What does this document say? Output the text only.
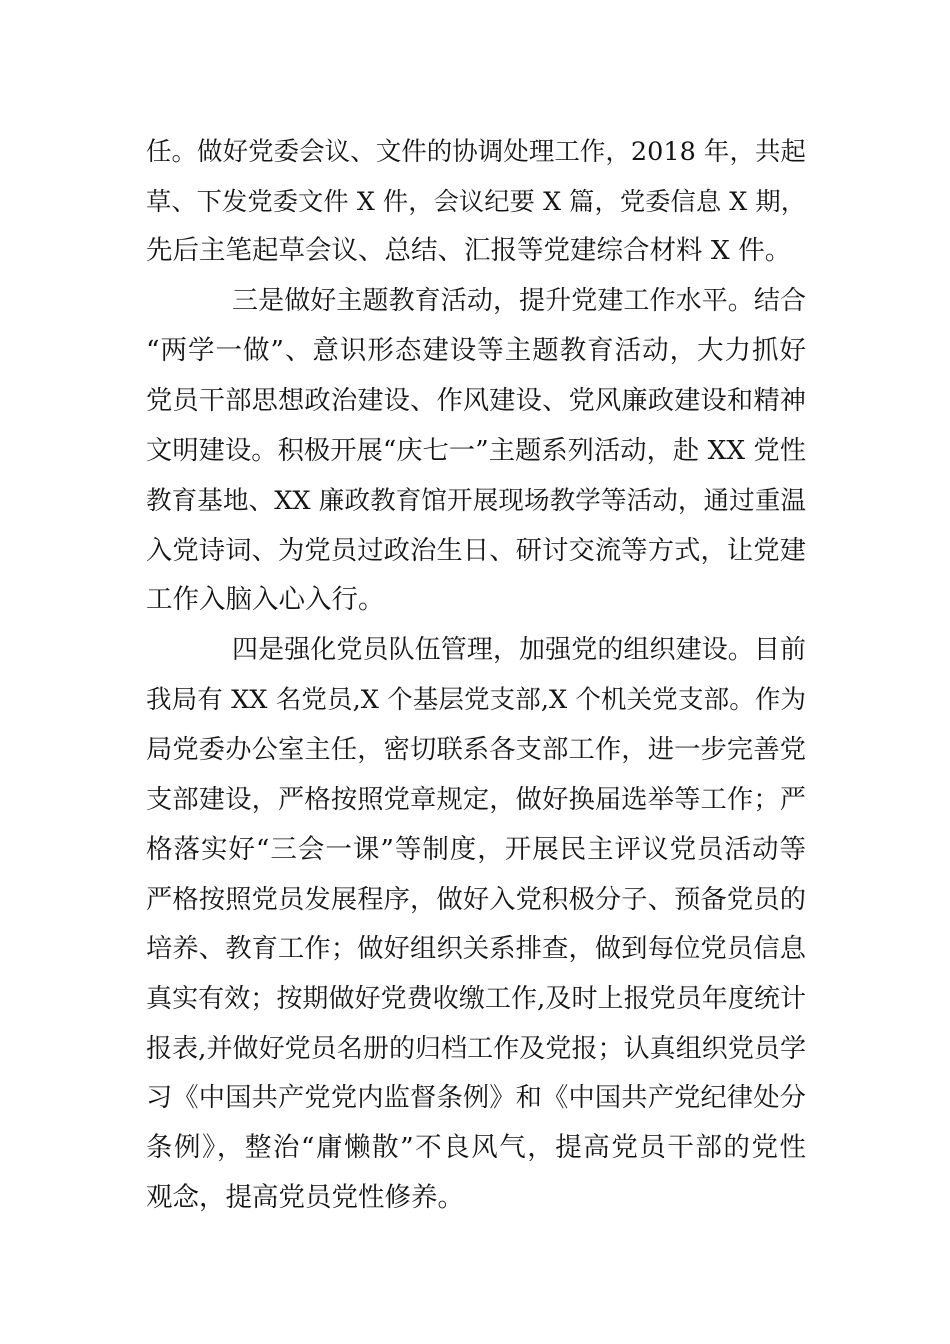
任。做好党委会议、文件的协调处理工作，2018 年，共起
草、下发党委文件 X 件，会议纪要 X 篇，党委信息 X 期，
先后主笔起草会议、总结、汇报等党建综合材料 X 件。
三是做好主题教育活动，提升党建工作水平。结合
“两学一做”、意识形态建设等主题教育活动，大力抓好
党员干部思想政治建设、作风建设、党风廉政建设和精神
文明建设。积极开展“庆七一”主题系列活动，赴 XX 党性
教育基地、XX 廉政教育馆开展现场教学等活动，通过重温
入党诗词、为党员过政治生日、研讨交流等方式，让党建
工作入脑入心入行。
四是强化党员队伍管理，加强党的组织建设。目前
我局有 XX 名党员,X 个基层党支部,X 个机关党支部。作为
局党委办公室主任，密切联系各支部工作，进一步完善党
支部建设，严格按照党章规定，做好换届选举等工作；严
格落实好“三会一课”等制度，开展民主评议党员活动等
严格按照党员发展程序，做好入党积极分子、预备党员的
培养、教育工作；做好组织关系排查，做到每位党员信息
真实有效；按期做好党费收缴工作,及时上报党员年度统计
报表,并做好党员名册的归档工作及党报；认真组织党员学
习《中国共产党党内监督条例》和《中国共产党纪律处分
条例》，整治“庸懒散”不良风气，提高党员干部的党性
观念，提高党员党性修养。
